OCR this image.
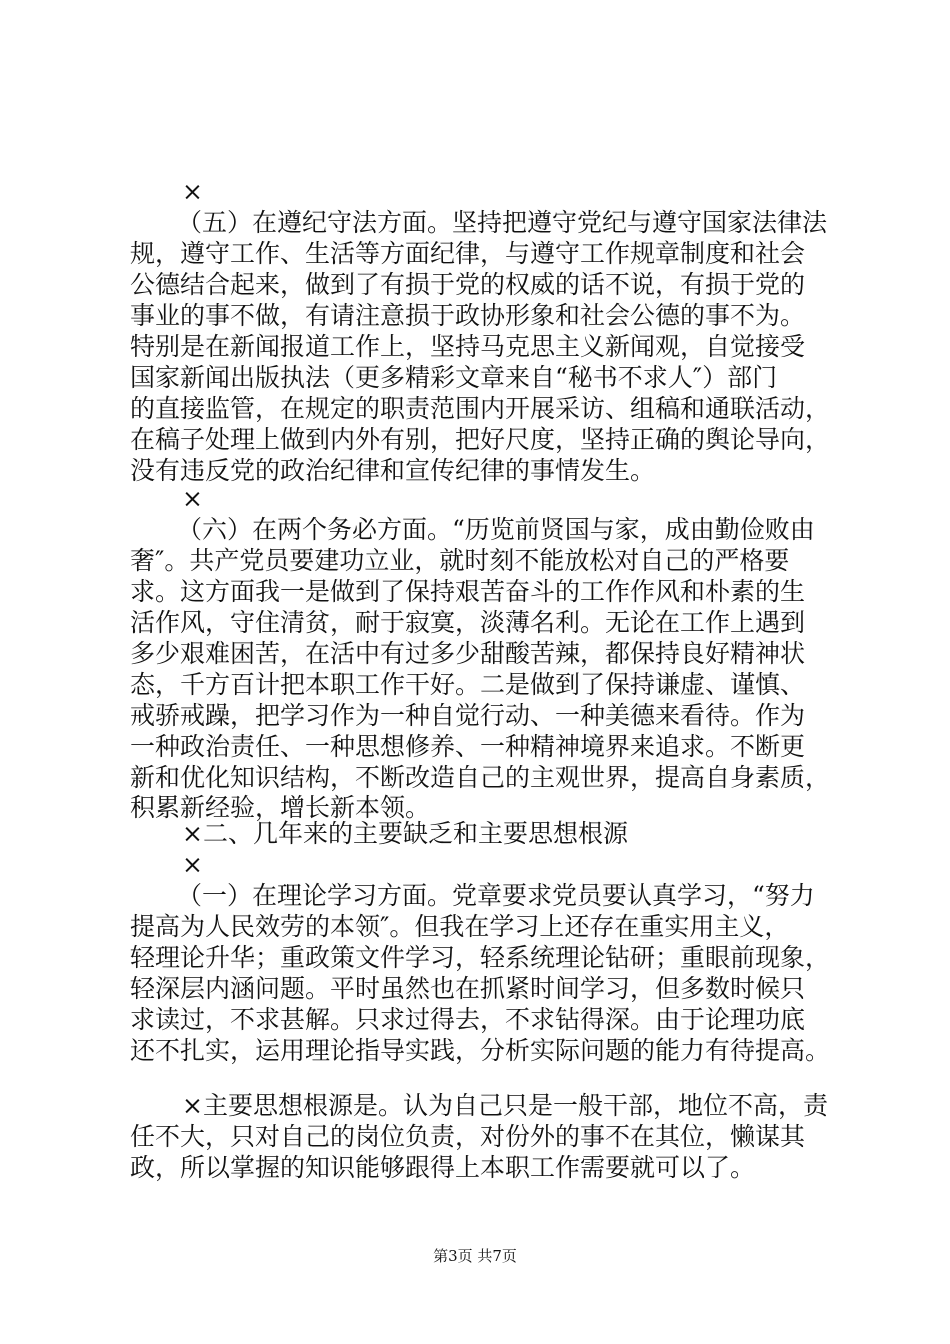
×
（五）在遵纪守法方面。坚持把遵守党纪与遵守国家法律法
规，遵守工作、生活等方面纪律，与遵守工作规章制度和社会
公德结合起来，做到了有损于党的权威的话不说，有损于党的
事业的事不做，有请注意损于政协形象和社会公德的事不为。
特别是在新闻报道工作上，坚持马克思主义新闻观，自觉接受
国家新闻出版执法（更多精彩文章来自“秘书不求人″）部门
的直接监管，在规定的职责范围内开展采访、组稿和通联活动，
在稿子处理上做到内外有别，把好尺度，坚持正确的舆论导向，
没有违反党的政治纪律和宣传纪律的事情发生。
×
（六）在两个务必方面。“历览前贤国与家，成由勤俭败由
奢″。共产党员要建功立业，就时刻不能放松对自己的严格要
求。这方面我一是做到了保持艰苦奋斗的工作作风和朴素的生
活作风，守住清贫，耐于寂寞，淡薄名利。无论在工作上遇到
多少艰难困苦，在活中有过多少甜酸苦辣，都保持良好精神状
态，千方百计把本职工作干好。二是做到了保持谦虚、谨慎、
戒骄戒躁，把学习作为一种自觉行动、一种美德来看待。作为
一种政治责任、一种思想修养、一种精神境界来追求。不断更
新和优化知识结构，不断改造自己的主观世界，提高自身素质，
积累新经验，增长新本领。
×二、几年来的主要缺乏和主要思想根源
×
（一）在理论学习方面。党章要求党员要认真学习，“努力
提高为人民效劳的本领″。但我在学习上还存在重实用主义，
轻理论升华；重政策文件学习，轻系统理论钻研；重眼前现象，
轻深层内涵问题。平时虽然也在抓紧时间学习，但多数时候只
求读过，不求甚解。只求过得去，不求钻得深。由于论理功底
还不扎实，运用理论指导实践，分析实际问题的能力有待提高。
×主要思想根源是。认为自己只是一般干部，地位不高，责
任不大，只对自己的岗位负责，对份外的事不在其位，懒谋其
政，所以掌握的知识能够跟得上本职工作需要就可以了。
第3页 共7页
